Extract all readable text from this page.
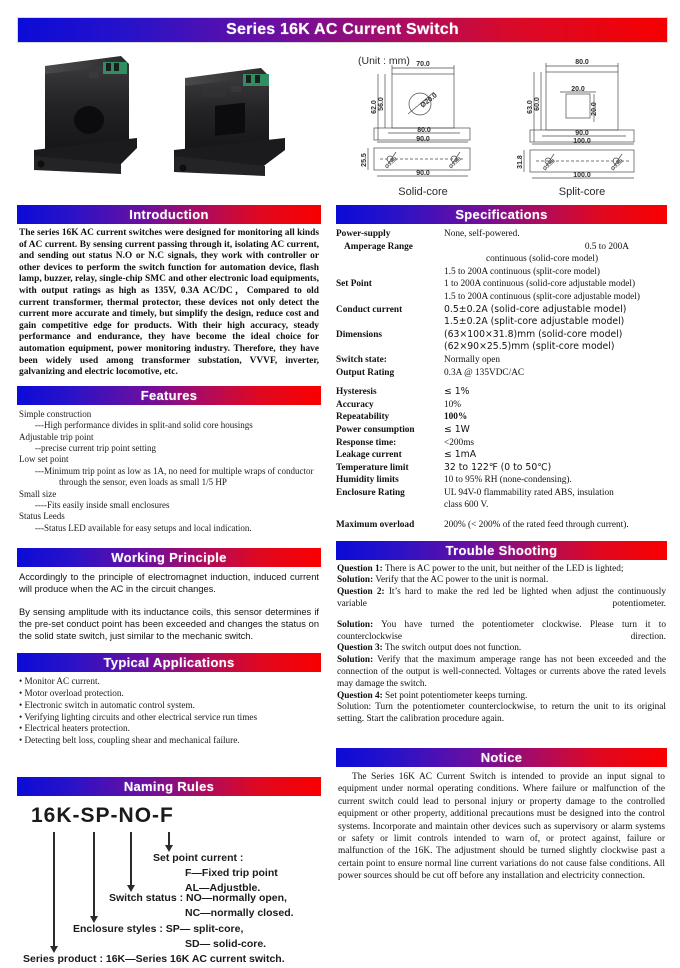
Series 16K AC Current Switch
70.0
Ø20.0
80.0
90.0
90.0
80.0
20.0
90.0
100.0
100.0
62.0 56.0
25.5
63.0 60.0	20.0
31.8
Ø3.80	Ø3.80	Ø3.80	Ø3.80
(Unit : mm)
Solid-core	Split-core
Introduction
The series 16K AC current switches were designed for monitoring all kinds of AC current. By sensing current passing through it, isolating AC current, and sending out status N.O or N.C signals, they work with controller or other devices to perform the switch function for automation device, flash lamp, buzzer, relay, single-chip SMC and other electronic load equipments, with output ratings as high as 135V, 0.3A AC/DC，Compared to old current transformer, thermal protector, these devices not only detect the current more accurate and timely, but simplify the design, reduce cost and gain competitive edge for products. With their high accuracy, steady performance and endurance, they have become the ideal choice for automation equipment, power monitoring industry. Therefore, they have been widely used among transformer substation, VVVF, inverter, galvanizing and electric locomotive, etc.
Features
Simple construction
---High performance divides in split-and solid core housings
Adjustable trip point
--precise current trip point setting
Low set point
---Minimum trip point as low as 1A, no need for multiple wraps of conductor
through the sensor, even loads as small 1/5 HP
Small size
----Fits easily inside small enclosures
Status Leeds
---Status LED available for easy setups and local indication.
Working Principle

Accordingly to the principle of electromagnet induction, induced current will produce when the AC in the circuit changes.

By sensing amplitude with its inductance coils, this sensor determines if the pre-set conduct point has been exceeded and changes the status on the solid state switch, just similar to the mechanic switch.

Typical Applications
• Monitor AC current.
• Motor overload protection.
• Electronic switch in automatic control system.
• Verifying lighting circuits and other electrical service run times
• Electrical heaters protection.
• Detecting belt loss, coupling shear and mechanical failure.
Naming Rules
16K-SP-NO-F
Set point current :
F—Fixed trip point
AL—Adjustble.
Switch status : NO—normally open,
NC—normally closed.
Enclosure styles : SP— split-core,
SD— solid-core.
Series product : 16K—Series 16K AC current switch.
Specifications
Power-supply	None, self-powered.
Amperage Range	0.5 to 200A
continuous (solid-core model)
1.5 to 200A continuous (split-core model)
Set Point	1 to 200A continuous (solid-core adjustable model)
1.5 to 200A continuous (split-core adjustable model)
Conduct current	0.5±0.2A (solid-core adjustable model)
1.5±0.2A (split-core adjustable model)
Dimensions	(63×100×31.8)mm (solid-core model)
(62×90×25.5)mm (split-core model)
Switch state:	Normally open
Output Rating	0.3A @ 135VDC/AC
Hysteresis	≤ 1%
Accuracy	10%
Repeatability	100%
Power consumption	≤ 1W
Response time:	<200ms
Leakage current	≤ 1mA
Temperature limit	32 to 122℉ (0 to 50℃)
Humidity limits	10 to 95% RH (none-condensing).
Enclosure Rating	UL 94V-0 flammability rated ABS, insulation
class 600 V.
Maximum overload	200% (< 200% of the rated feed through current).
Trouble Shooting

Question 1: There is AC power to the unit, but neither of the LED is lighted;

Solution: Verify that the AC power to the unit is normal.

Question 2: It’s hard to make the red led be lighted when adjust the continuously variable potentiometer.

Solution: You have turned the potentiometer clockwise. Please turn it to counterclockwise direction.

Question 3: The switch output does not function.

Solution: Verify that the maximum amperage range has not been exceeded and the connection of the output is well-connected. Voltages or currents above the rated levels may damage the switch.

Question 4: Set point potentiometer keeps turning.

Solution: Turn the potentiometer counterclockwise, to return the unit to its original setting. Start the calibration procedure again.

Notice
The Series 16K AC Current Switch is intended to provide an input signal to equipment under normal operating conditions. Where failure or malfunction of the current switch could lead to personal injury or property damage to the controlled equipment or other property, additional precautions must be designed into the control systems. Incorporate and maintain other devices such as supervisory or alarm systems or safety or limit controls intended to warn of, or protect against, failure or malfunction of the 16K. The adjustment should be turned slightly clockwise past a certain point to ensure normal line current variations do not cause false conditions. All power sources should be cut off before any installation and electricity connection.
